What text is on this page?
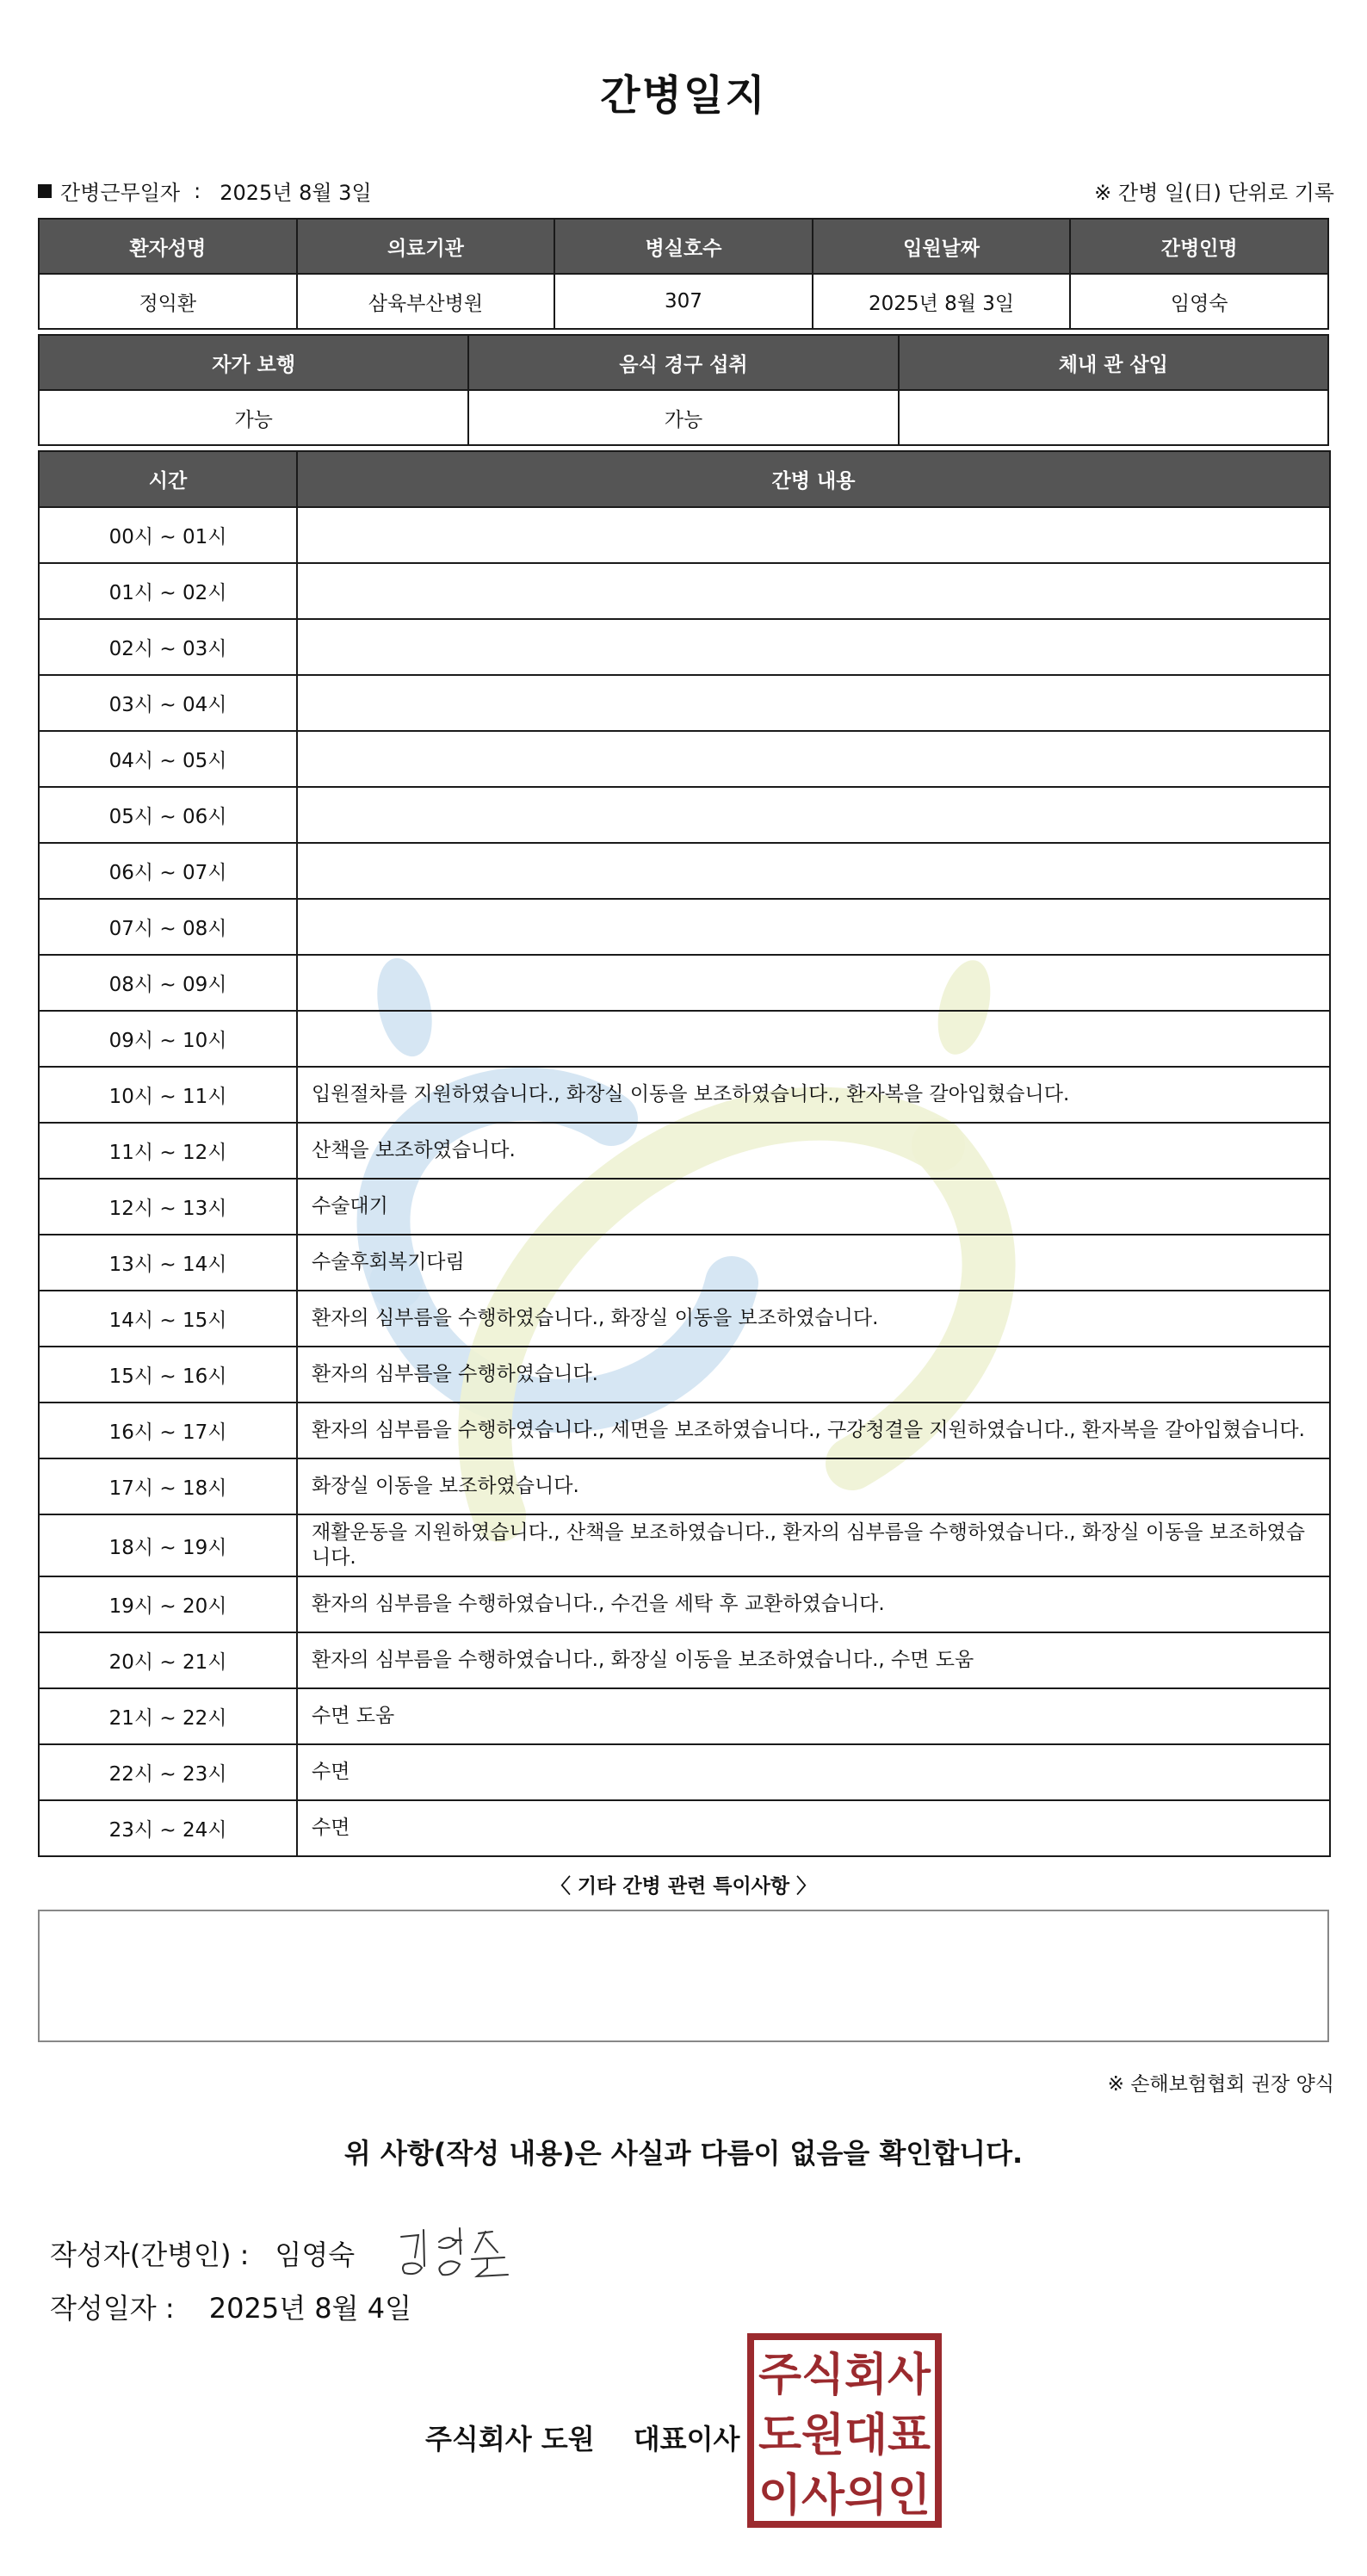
간병일지
간병근무일자 : 2025년 8월 3일	※ 간병 일(日) 단위로 기록
환자성명	의료기관	병실호수	입원날짜	간병인명
정익환	삼육부산병원	307	2025년 8월 3일	임영숙
자가 보행	음식 경구 섭취	체내 관 삽입
가능	가능	
시간	간병 내용
00시 ~ 01시	
01시 ~ 02시	
02시 ~ 03시	
03시 ~ 04시	
04시 ~ 05시	
05시 ~ 06시	
06시 ~ 07시	
07시 ~ 08시	
08시 ~ 09시	
09시 ~ 10시	
10시 ~ 11시	입원절차를 지원하였습니다., 화장실 이동을 보조하였습니다., 환자복을 갈아입혔습니다.
11시 ~ 12시	산책을 보조하였습니다.
12시 ~ 13시	수술대기
13시 ~ 14시	수술후회복기다림
14시 ~ 15시	환자의 심부름을 수행하였습니다., 화장실 이동을 보조하였습니다.
15시 ~ 16시	환자의 심부름을 수행하였습니다.
16시 ~ 17시	환자의 심부름을 수행하였습니다., 세면을 보조하였습니다., 구강청결을 지원하였습니다., 환자복을 갈아입혔습니다.
17시 ~ 18시	화장실 이동을 보조하였습니다.
18시 ~ 19시	재활운동을 지원하였습니다., 산책을 보조하였습니다., 환자의 심부름을 수행하였습니다., 화장실 이동을 보조하였습니다.
19시 ~ 20시	환자의 심부름을 수행하였습니다., 수건을 세탁 후 교환하였습니다.
20시 ~ 21시	환자의 심부름을 수행하였습니다., 화장실 이동을 보조하였습니다., 수면 도움
21시 ~ 22시	수면 도움
22시 ~ 23시	수면
23시 ~ 24시	수면
〈 기타 간병 관련 특이사항 〉
※ 손해보험협회 권장 양식
위 사항(작성 내용)은 사실과 다름이 없음을 확인합니다.
작성자(간병인) : 임영숙
작성일자 : 2025년 8월 4일
주식회사 도원 대표이사
주식회사
도원대표
이사의인
